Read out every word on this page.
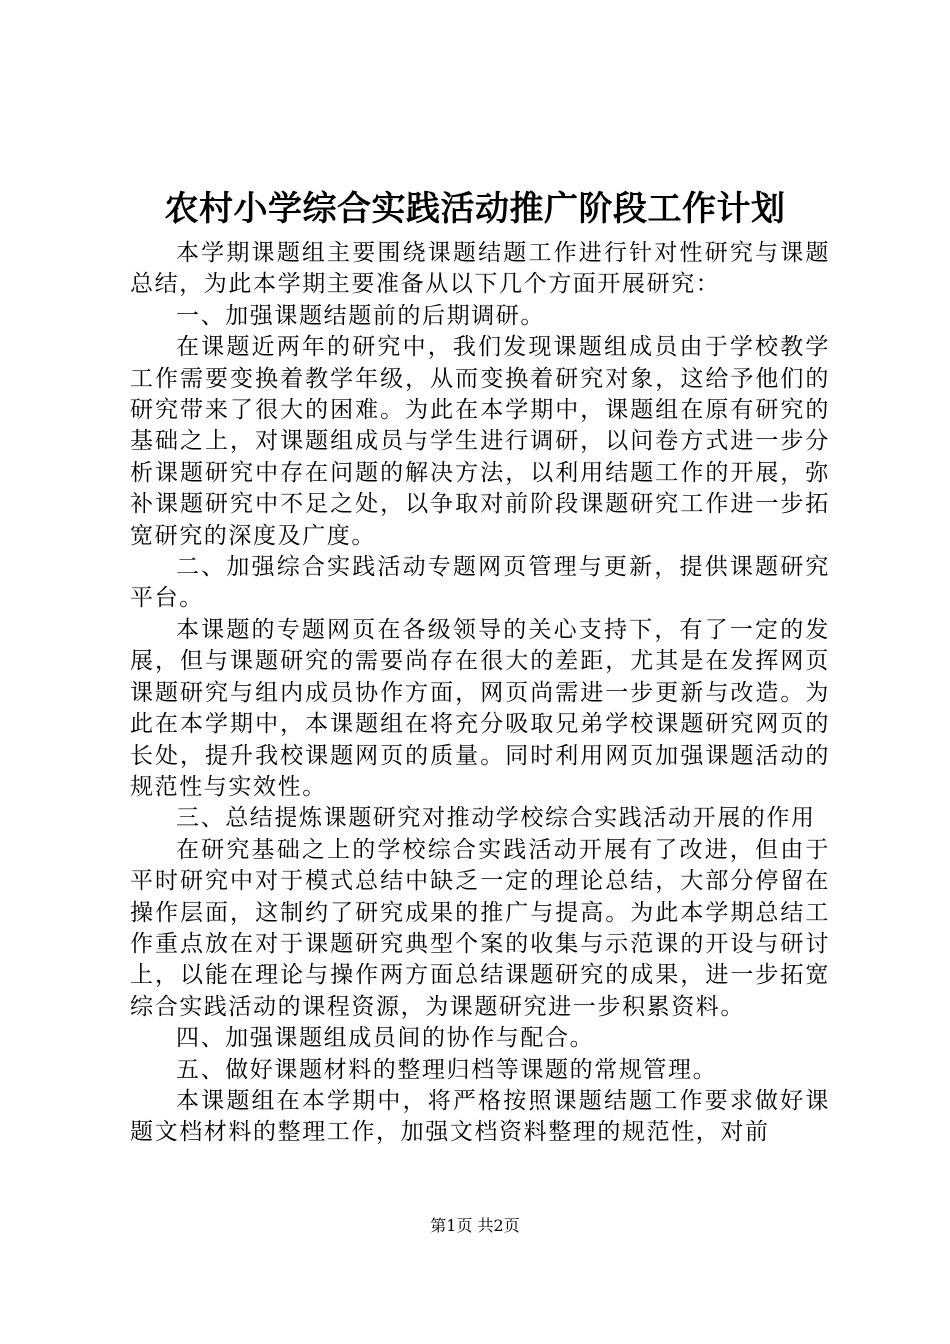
农村小学综合实践活动推广阶段工作计划

本学期课题组主要围绕课题结题工作进行针对性研究与课题总结，为此本学期主要准备从以下几个方面开展研究：

一、加强课题结题前的后期调研。

在课题近两年的研究中，我们发现课题组成员由于学校教学工作需要变换着教学年级，从而变换着研究对象，这给予他们的研究带来了很大的困难。为此在本学期中，课题组在原有研究的基础之上，对课题组成员与学生进行调研，以问卷方式进一步分析课题研究中存在问题的解决方法，以利用结题工作的开展，弥补课题研究中不足之处，以争取对前阶段课题研究工作进一步拓宽研究的深度及广度。

二、加强综合实践活动专题网页管理与更新，提供课题研究平台。

本课题的专题网页在各级领导的关心支持下，有了一定的发展，但与课题研究的需要尚存在很大的差距，尤其是在发挥网页课题研究与组内成员协作方面，网页尚需进一步更新与改造。为此在本学期中，本课题组在将充分吸取兄弟学校课题研究网页的长处，提升我校课题网页的质量。同时利用网页加强课题活动的规范性与实效性。

三、总结提炼课题研究对推动学校综合实践活动开展的作用

在研究基础之上的学校综合实践活动开展有了改进，但由于平时研究中对于模式总结中缺乏一定的理论总结，大部分停留在操作层面，这制约了研究成果的推广与提高。为此本学期总结工作重点放在对于课题研究典型个案的收集与示范课的开设与研讨上，以能在理论与操作两方面总结课题研究的成果，进一步拓宽综合实践活动的课程资源，为课题研究进一步积累资料。

四、加强课题组成员间的协作与配合。

五、做好课题材料的整理归档等课题的常规管理。

本课题组在本学期中，将严格按照课题结题工作要求做好课题文档材料的整理工作，加强文档资料整理的规范性，对前

第1页 共2页
